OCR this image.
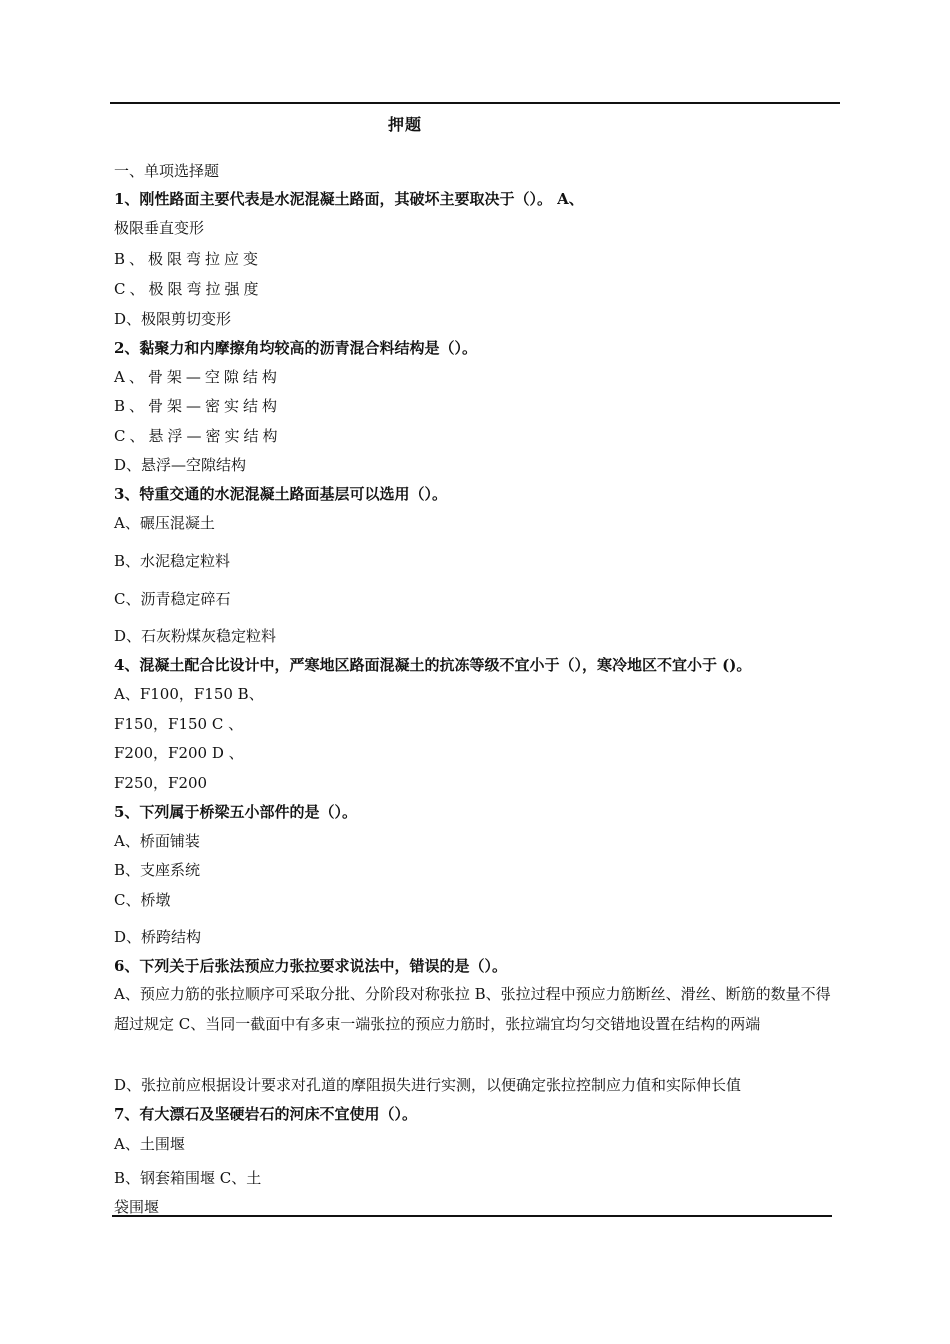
押题
一、单项选择题
1、刚性路面主要代表是水泥混凝土路面，其破坏主要取决于（）。 A、
极限垂直变形
B、极限弯拉应变
C、极限弯拉强度
D、极限剪切变形
2、黏聚力和内摩擦角均较高的沥青混合料结构是（）。
A、骨架—空隙结构
B、骨架—密实结构
C、悬浮—密实结构
D、悬浮—空隙结构
3、特重交通的水泥混凝土路面基层可以选用（）。
A、碾压混凝土
B、水泥稳定粒料
C、沥青稳定碎石
D、石灰粉煤灰稳定粒料
4、混凝土配合比设计中，严寒地区路面混凝土的抗冻等级不宜小于（），寒冷地区不宜小于 ()。
A、F100，F150 B、
F150，F150 C 、
F200，F200 D 、
F250，F200
5、下列属于桥梁五小部件的是（）。
A、桥面铺装
B、支座系统
C、桥墩
D、桥跨结构
6、下列关于后张法预应力张拉要求说法中，错误的是（）。
A、预应力筋的张拉顺序可采取分批、分阶段对称张拉 B、张拉过程中预应力筋断丝、滑丝、断筋的数量不得超过规定 C、当同一截面中有多束一端张拉的预应力筋时，张拉端宜均匀交错地设置在结构的两端
D、张拉前应根据设计要求对孔道的摩阻损失进行实测，以便确定张拉控制应力值和实际伸长值
7、有大漂石及坚硬岩石的河床不宜使用（）。
A、土围堰
B、钢套箱围堰 C、土
袋围堰
